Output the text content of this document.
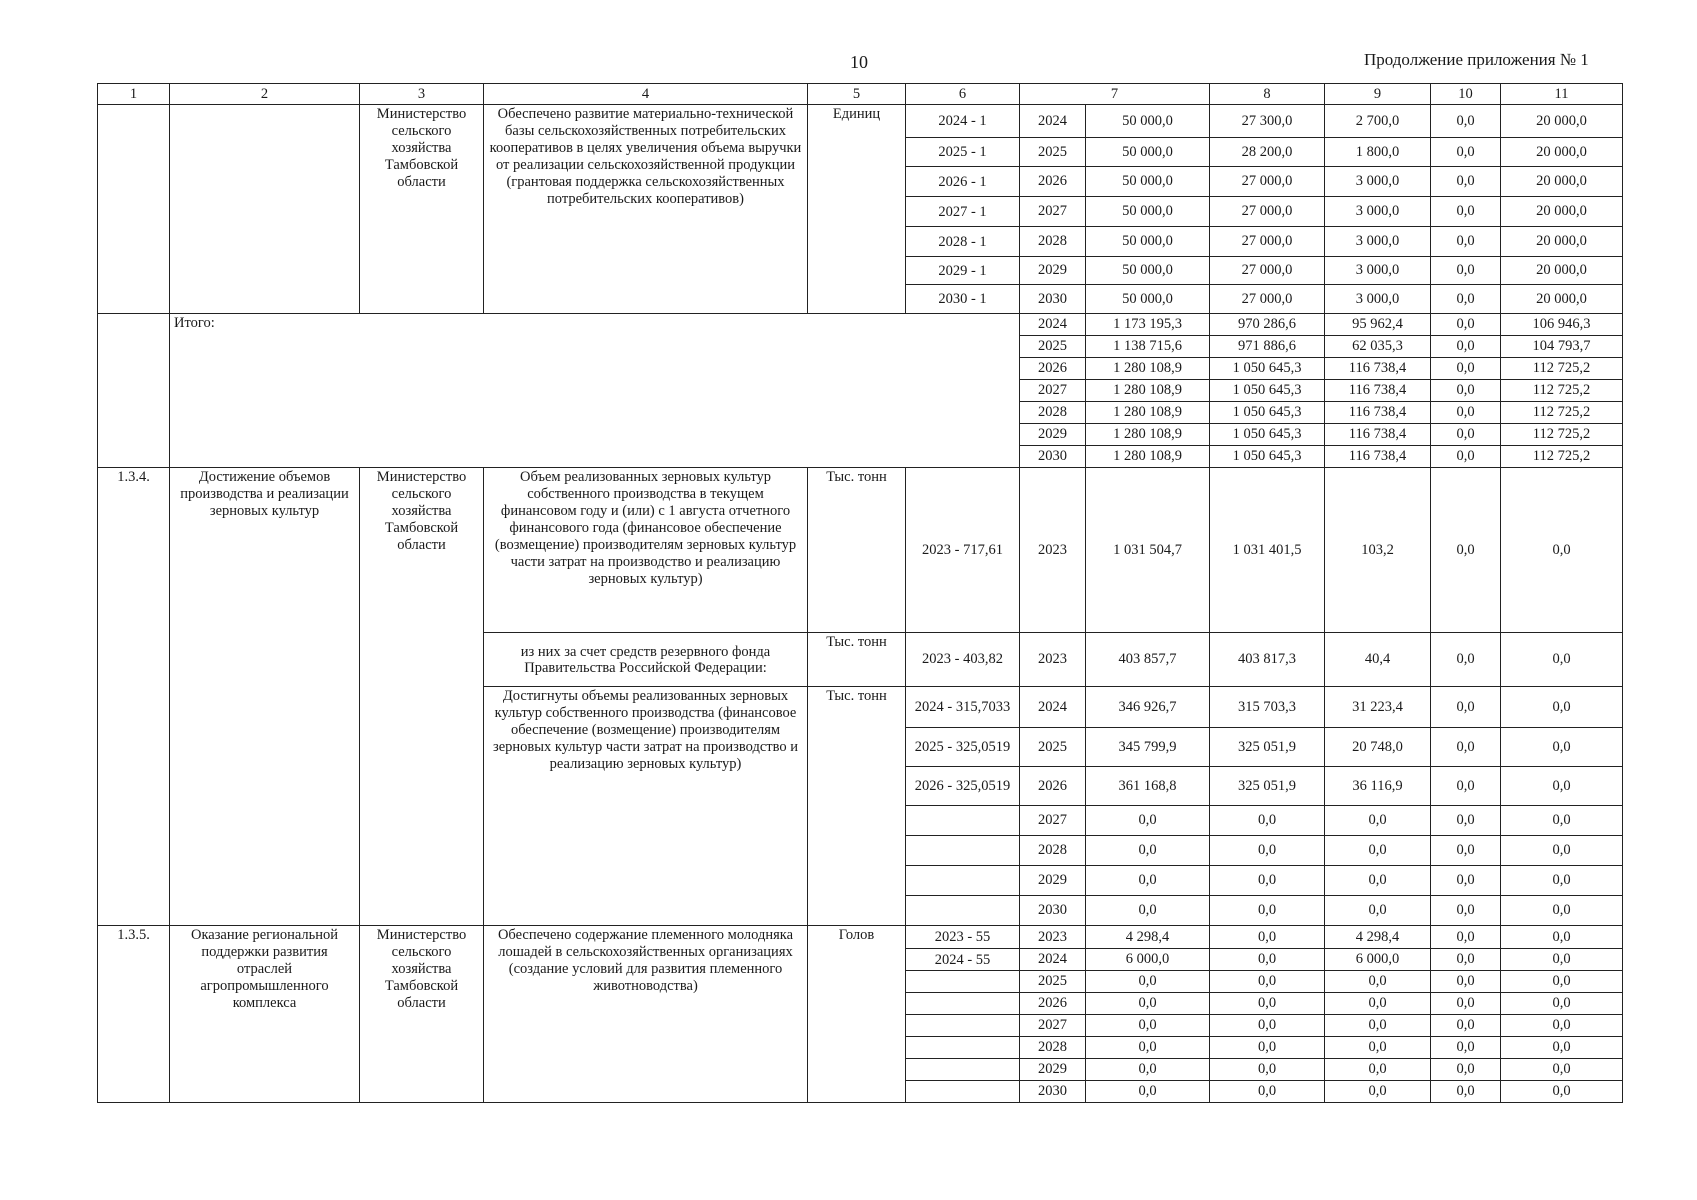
10	Продолжение приложения № 1
1	2	3	4	5	6	7		8	9	10	11
		Министерство сельского хозяйства Тамбовской области	Обеспечено развитие материально-технической базы сельскохозяйственных потребительских кооперативов в целях увеличения объема выручки от реализации сельскохозяйственной продукции (грантовая поддержка сельскохозяйственных потребительских кооперативов)	Единиц	2024 - 1	2024	50 000,0	27 300,0	2 700,0	0,0	20 000,0
					2025 - 1	2025	50 000,0	28 200,0	1 800,0	0,0	20 000,0
					2026 - 1	2026	50 000,0	27 000,0	3 000,0	0,0	20 000,0
					2027 - 1	2027	50 000,0	27 000,0	3 000,0	0,0	20 000,0
					2028 - 1	2028	50 000,0	27 000,0	3 000,0	0,0	20 000,0
					2029 - 1	2029	50 000,0	27 000,0	3 000,0	0,0	20 000,0
					2030 - 1	2030	50 000,0	27 000,0	3 000,0	0,0	20 000,0
	Итого:					2024	1 173 195,3	970 286,6	95 962,4	0,0	106 946,3
						2025	1 138 715,6	971 886,6	62 035,3	0,0	104 793,7
						2026	1 280 108,9	1 050 645,3	116 738,4	0,0	112 725,2
						2027	1 280 108,9	1 050 645,3	116 738,4	0,0	112 725,2
						2028	1 280 108,9	1 050 645,3	116 738,4	0,0	112 725,2
						2029	1 280 108,9	1 050 645,3	116 738,4	0,0	112 725,2
						2030	1 280 108,9	1 050 645,3	116 738,4	0,0	112 725,2
1.3.4.	Достижение объемов производства и реализации зерновых культур	Министерство сельского хозяйства Тамбовской области	Объем реализованных зерновых культур собственного производства в текущем финансовом году и (или) с 1 августа отчетного финансового года (финансовое обеспечение (возмещение) производителям зерновых культур части затрат на производство и реализацию зерновых культур)	Тыс. тонн	2023 - 717,61	2023	1 031 504,7	1 031 401,5	103,2	0,0	0,0
			из них за счет средств резервного фонда Правительства Российской Федерации:	Тыс. тонн	2023 - 403,82	2023	403 857,7	403 817,3	40,4	0,0	0,0
			Достигнуты объемы реализованных зерновых культур собственного производства (финансовое обеспечение (возмещение) производителям зерновых культур части затрат на производство и реализацию зерновых культур)	Тыс. тонн	2024 - 315,7033	2024	346 926,7	315 703,3	31 223,4	0,0	0,0
					2025 - 325,0519	2025	345 799,9	325 051,9	20 748,0	0,0	0,0
					2026 - 325,0519	2026	361 168,8	325 051,9	36 116,9	0,0	0,0
						2027	0,0	0,0	0,0	0,0	0,0
						2028	0,0	0,0	0,0	0,0	0,0
						2029	0,0	0,0	0,0	0,0	0,0
						2030	0,0	0,0	0,0	0,0	0,0
1.3.5.	Оказание региональной поддержки развития отраслей агропромышленного комплекса	Министерство сельского хозяйства Тамбовской области	Обеспечено содержание племенного молодняка лошадей в сельскохозяйственных организациях (создание условий для развития племенного животноводства)	Голов	2023 - 55	2023	4 298,4	0,0	4 298,4	0,0	0,0
					2024 - 55	2024	6 000,0	0,0	6 000,0	0,0	0,0
						2025	0,0	0,0	0,0	0,0	0,0
						2026	0,0	0,0	0,0	0,0	0,0
						2027	0,0	0,0	0,0	0,0	0,0
						2028	0,0	0,0	0,0	0,0	0,0
						2029	0,0	0,0	0,0	0,0	0,0
						2030	0,0	0,0	0,0	0,0	0,0
